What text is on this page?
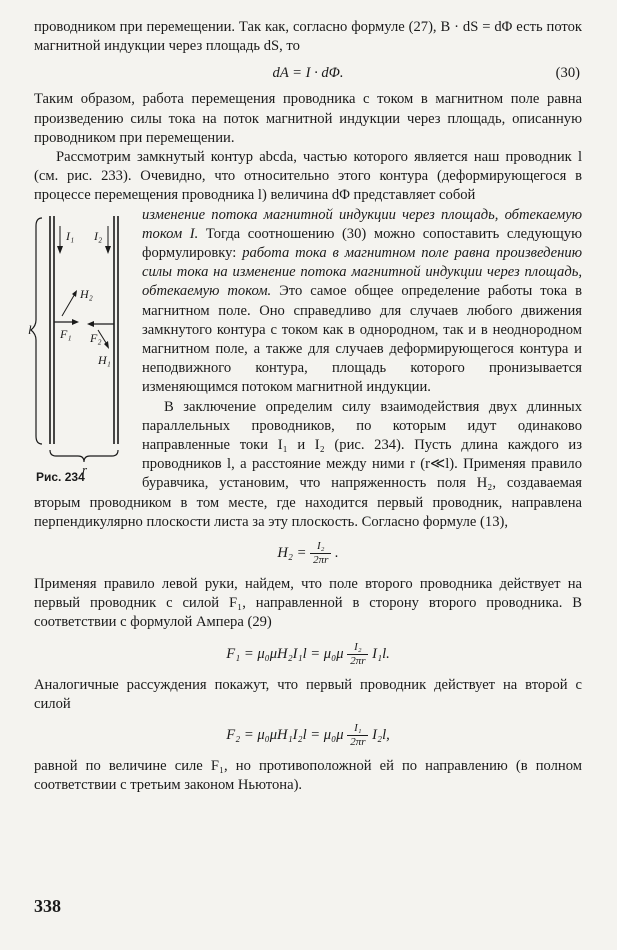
проводником при перемещении. Так как, согласно формуле (27), B · dS = dΦ есть поток магнитной индукции через площадь dS, то

dA = I · dΦ.	(30)

Таким образом, работа перемещения проводника с током в магнитном поле равна произведению силы тока на поток магнитной индукции через площадь, описанную проводником при перемещении.

Рассмотрим замкнутый контур abcda, частью которого является наш проводник l (см. рис. 233). Очевидно, что относительно этого контура (деформирующегося в процессе перемещения проводника l) величина dΦ представляет собой

изменение потока магнитной индукции через площадь, обтекаемую током I. Тогда соотношению (30) можно сопоставить следующую формулировку: работа тока в магнитном поле равна произведению силы тока на изменение потока магнитной индукции через площадь, обтекаемую током. Это самое общее определение работы тока в магнитном поле. Оно справедливо для случаев любого движения замкнутого контура с током как в однородном, так и в неоднородном магнитном поле, а также для случаев деформирующегося контура и неподвижного контура, площадь которого пронизывается изменяющимся потоком магнитной индукции.

В заключение определим силу взаимодействия двух длинных параллельных проводников, по которым идут одинаково направленные токи I₁ и I₂ (рис. 234). Пусть длина каждого из проводников l, а расстояние между ними r (r≪l). Применяя правило буравчика, установим, что напряженность поля H₂, создаваемая вторым проводником в том месте, где находится первый проводник, направлена перпендикулярно плоскости листа за эту плоскость. Согласно формуле (13),

$H_2 = \frac{\text{I₂}}{2\pi r}$ .

Применяя правило левой руки, найдем, что поле второго проводника действует на первый проводник с силой F₁, направленной в сторону второго проводника. В соответствии с формулой Ампера (29)

$F_1 = \mu_0\mu H_2I_1l = \mu_0\mu \frac{\text{I₂}}{2\pi r} I_1l$.

Аналогичные рассуждения покажут, что первый проводник действует на второй с силой

$F_2 = \mu_0\mu H_1I_2l = \mu_0\mu \frac{\text{I₁}}{2\pi r} I_2l$,

равной по величине силе F₁, но противоположной ей по направлению (в полном соответствии с третьим законом Ньютона).

I₁ I₂
H₂
F₁ F₂
H₁
l
r
Рис. 234
338
